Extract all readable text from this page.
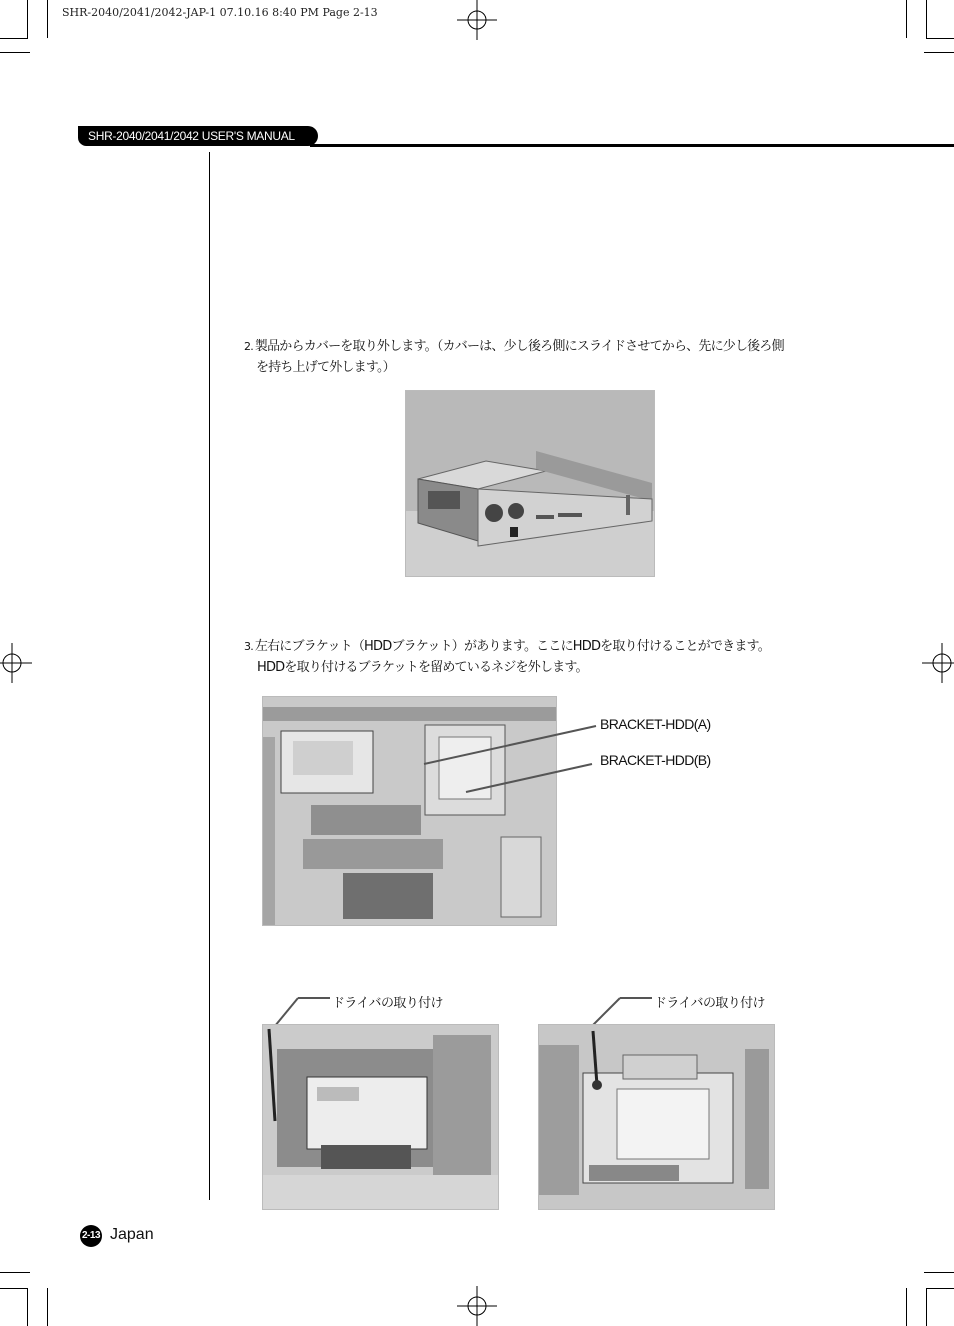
SHR-2040/2041/2042-JAP-1 07.10.16 8:40 PM Page 2-13
SHR-2040/2041/2042 USER'S MANUAL
2. 製品からカバーを取り外します。（カバーは、少し後ろ側にスライドさせてから、先に少し後ろ側
を持ち上げて外します。）
3. 左右にブラケット（HDDブラケット）があります。ここにHDDを取り付けることができます。
HDDを取り付けるブラケットを留めているネジを外します。
BRACKET-HDD(A)
BRACKET-HDD(B)
ドライバの取り付け	ドライバの取り付け
2-13 Japan
